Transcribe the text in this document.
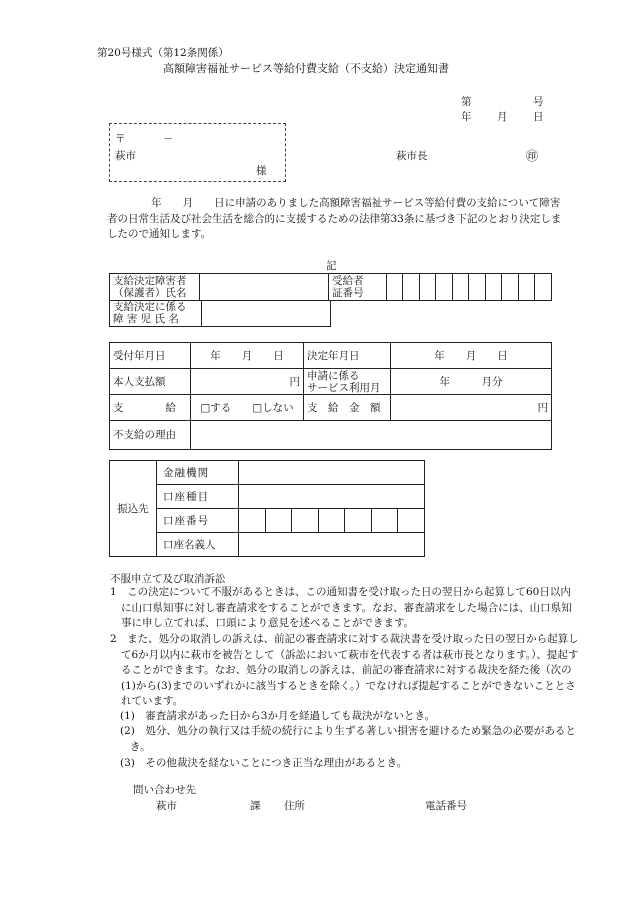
第20号様式（第12条関係）
高額障害福祉サービス等給付費支給（不支給）決定通知書
第	号
年 月 日
〒	－
萩市
様
萩市長	㊞
年　　月　　日に申請のありました高額障害福祉サービス等給付費の支給について障害者の日常生活及び社会生活を総合的に支援するための法律第33条に基づき下記のとおり決定しましたので通知します。
記
支給決定障害者
（保護者）氏名		受給者
証番号										
支給決定に係る
障 害 児 氏 名	
受付年月日	年　　月　　日	決定年月日	年　　月　　日
本人支払額	円	申請に係る
サービス利用月	年　　　月分
支　　　　給	□する　　□しない	支　給　金　額	円
不支給の理由			
振込先	金融機関							
	口座種目							
	口座番号							
	口座名義人							
不服申立て及び取消訴訟
1　この決定について不服があるときは、この通知書を受け取った日の翌日から起算して60日以内に山口県知事に対し審査請求をすることができます。なお、審査請求をした場合には、山口県知事に申し立てれば、口頭により意見を述べることができます。
2　また、処分の取消しの訴えは、前記の審査請求に対する裁決書を受け取った日の翌日から起算して6か月以内に萩市を被告として（訴訟において萩市を代表する者は萩市長となります。）、提起することができます。なお、処分の取消しの訴えは、前記の審査請求に対する裁決を経た後（次の(1)から(3)までのいずれかに該当するときを除く。）でなければ提起することができないこととされています。
(1)　審査請求があった日から3か月を経過しても裁決がないとき。
(2)　処分、処分の執行又は手続の続行により生ずる著しい損害を避けるため緊急の必要があるとき。
(3)　その他裁決を経ないことにつき正当な理由があるとき。
問い合わせ先
萩市	課 住所	電話番号
